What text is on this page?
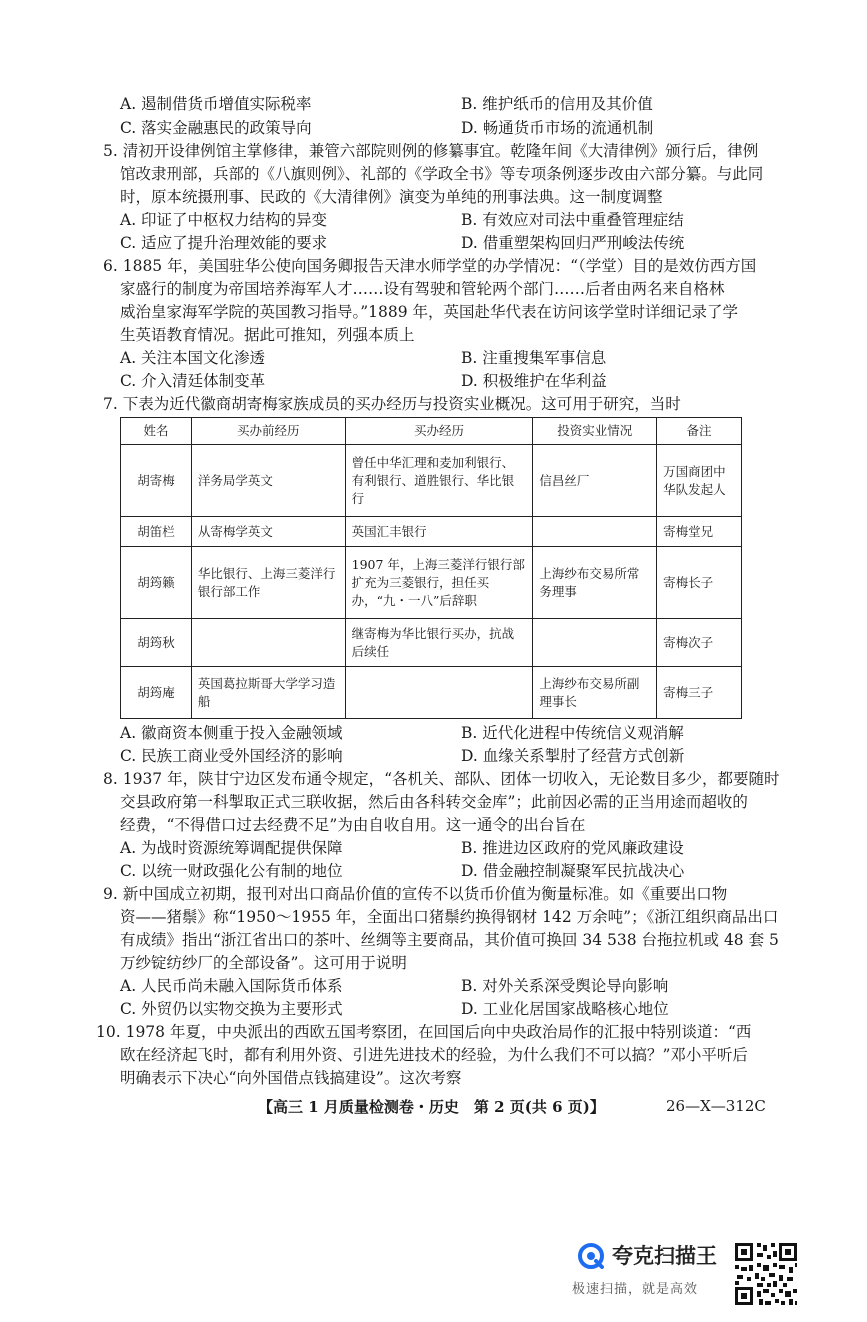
A. 遏制借货币增值实际税率	B. 维护纸币的信用及其价值
C. 落实金融惠民的政策导向	D. 畅通货币市场的流通机制
5. 清初开设律例馆主掌修律，兼管六部院则例的修纂事宜。乾隆年间《大清律例》颁行后，律例
馆改隶刑部，兵部的《八旗则例》、礼部的《学政全书》等专项条例逐步改由六部分纂。与此同
时，原本统摄刑事、民政的《大清律例》演变为单纯的刑事法典。这一制度调整
A. 印证了中枢权力结构的异变	B. 有效应对司法中重叠管理症结
C. 适应了提升治理效能的要求	D. 借重塑架构回归严刑峻法传统
6. 1885 年，美国驻华公使向国务卿报告天津水师学堂的办学情况：“（学堂）目的是效仿西方国
家盛行的制度为帝国培养海军人才……设有驾驶和管轮两个部门……后者由两名来自格林
威治皇家海军学院的英国教习指导。”1889 年，英国赴华代表在访问该学堂时详细记录了学
生英语教育情况。据此可推知，列强本质上
A. 关注本国文化渗透	B. 注重搜集军事信息
C. 介入清廷体制变革	D. 积极维护在华利益
7. 下表为近代徽商胡寄梅家族成员的买办经历与投资实业概况。这可用于研究，当时
姓名	买办前经历	买办经历	投资实业情况	备注
胡寄梅	洋务局学英文	曾任中华汇理和麦加利银行、有利银行、道胜银行、华比银行	信昌丝厂	万国商团中华队发起人
胡笛栏	从寄梅学英文	英国汇丰银行		寄梅堂兄
胡筠籁	华比银行、上海三菱洋行银行部工作	1907 年，上海三菱洋行银行部扩充为三菱银行，担任买办，“九・一八”后辞职	上海纱布交易所常务理事	寄梅长子
胡筠秋		继寄梅为华比银行买办，抗战后续任		寄梅次子
胡筠庵	英国葛拉斯哥大学学习造船		上海纱布交易所副理事长	寄梅三子
A. 徽商资本侧重于投入金融领域	B. 近代化进程中传统信义观消解
C. 民族工商业受外国经济的影响	D. 血缘关系掣肘了经营方式创新
8. 1937 年，陕甘宁边区发布通令规定，“各机关、部队、团体一切收入，无论数目多少，都要随时
交县政府第一科掣取正式三联收据，然后由各科转交金库”；此前因必需的正当用途而超收的
经费，“不得借口过去经费不足”为由自收自用。这一通令的出台旨在
A. 为战时资源统筹调配提供保障	B. 推进边区政府的党风廉政建设
C. 以统一财政强化公有制的地位	D. 借金融控制凝聚军民抗战决心
9. 新中国成立初期，报刊对出口商品价值的宣传不以货币价值为衡量标准。如《重要出口物
资——猪鬃》称“1950～1955 年，全面出口猪鬃约换得钢材 142 万余吨”；《浙江组织商品出口
有成绩》指出“浙江省出口的茶叶、丝绸等主要商品，其价值可换回 34 538 台拖拉机或 48 套 5
万纱锭纺纱厂的全部设备”。这可用于说明
A. 人民币尚未融入国际货币体系	B. 对外关系深受舆论导向影响
C. 外贸仍以实物交换为主要形式	D. 工业化居国家战略核心地位
10. 1978 年夏，中央派出的西欧五国考察团，在回国后向中央政治局作的汇报中特别谈道：“西
欧在经济起飞时，都有利用外资、引进先进技术的经验，为什么我们不可以搞？”邓小平听后
明确表示下决心“向外国借点钱搞建设”。这次考察
【高三 1 月质量检测卷・历史　第 2 页(共 6 页)】	26—X—312C
夸克扫描王
极速扫描，就是高效
